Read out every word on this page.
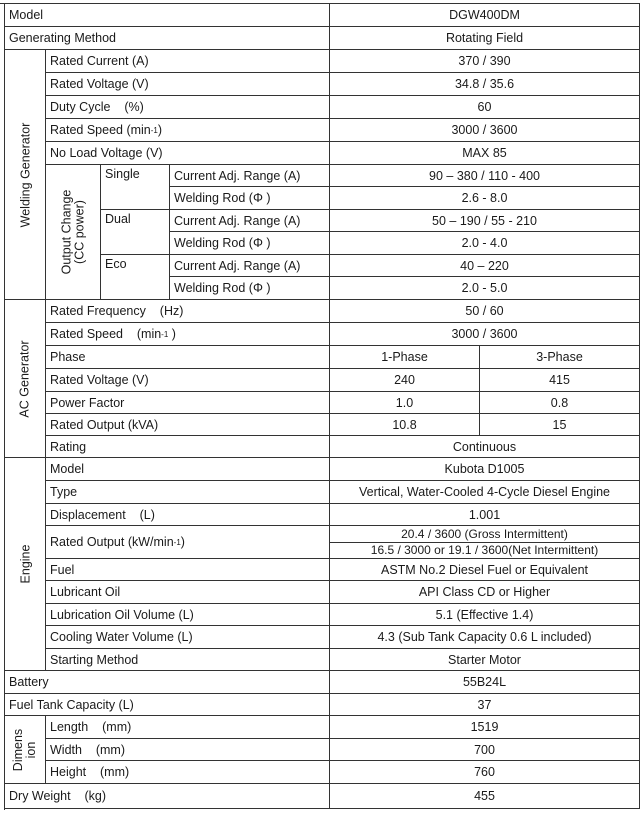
Model	DGW400DM
Generating Method	Rotating Field
Welding Generator
Rated Current (A)	370 / 390
Rated Voltage (V)	34.8 / 35.6
Duty Cycle    (%)	60
Rated Speed (min -1 )	3000 / 3600
No Load Voltage (V)	MAX 85
Output Change (CC power)
Single	Current Adj. Range (A)	90 – 380 / 110 - 400
Welding Rod (Φ )	2.6 - 8.0
Dual	Current Adj. Range (A)	50 – 190 / 55 - 210
Welding Rod (Φ )	2.0 - 4.0
Eco	Current Adj. Range (A)	40 – 220
Welding Rod (Φ )	2.0 - 5.0
AC Generator
Rated Frequency    (Hz)	50 / 60
Rated Speed    (min -1 )	3000 / 3600
Phase	1-Phase	3-Phase
Rated Voltage (V)	240	415
Power Factor	1.0	0.8
Rated Output (kVA)	10.8	15
Rating	Continuous
Engine
Model	Kubota D1005
Type	Vertical, Water-Cooled 4-Cycle Diesel Engine
Displacement    (L)	1.001
Rated Output (kW/min -1 )
20.4 / 3600 (Gross Intermittent)
16.5 / 3000 or 19.1 / 3600(Net Intermittent)
Fuel	ASTM No.2 Diesel Fuel or Equivalent
Lubricant Oil	API Class CD or Higher
Lubrication Oil Volume (L)	5.1 (Effective 1.4)
Cooling Water Volume (L)	4.3 (Sub Tank Capacity 0.6 L included)
Starting Method	Starter Motor
Battery	55B24L
Fuel Tank Capacity (L)	37
Dimens ion
Length    (mm)	1519
Width    (mm)	700
Height    (mm)	760
Dry Weight    (kg)	455
